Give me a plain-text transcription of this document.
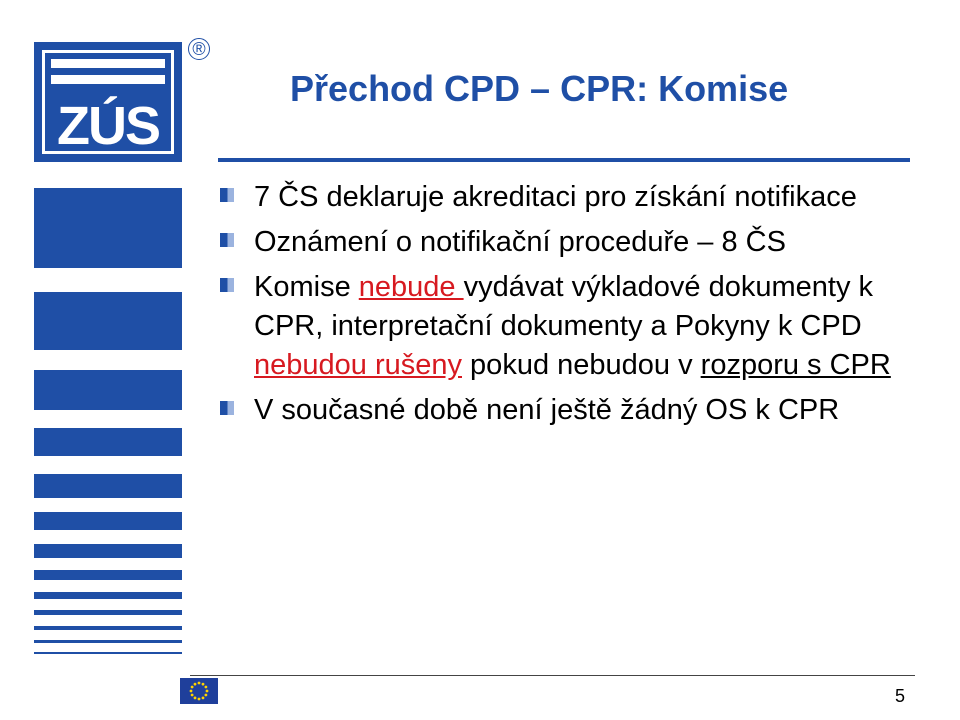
ZÚS
®
Přechod CPD – CPR: Komise
7 ČS deklaruje akreditaci pro získání notifikace
Oznámení o notifikační proceduře – 8 ČS
Komise nebude vydávat výkladové dokumenty k CPR, interpretační dokumenty a Pokyny k CPD nebudou rušeny pokud nebudou v rozporu s CPR
V současné době není ještě žádný OS k CPR
5
